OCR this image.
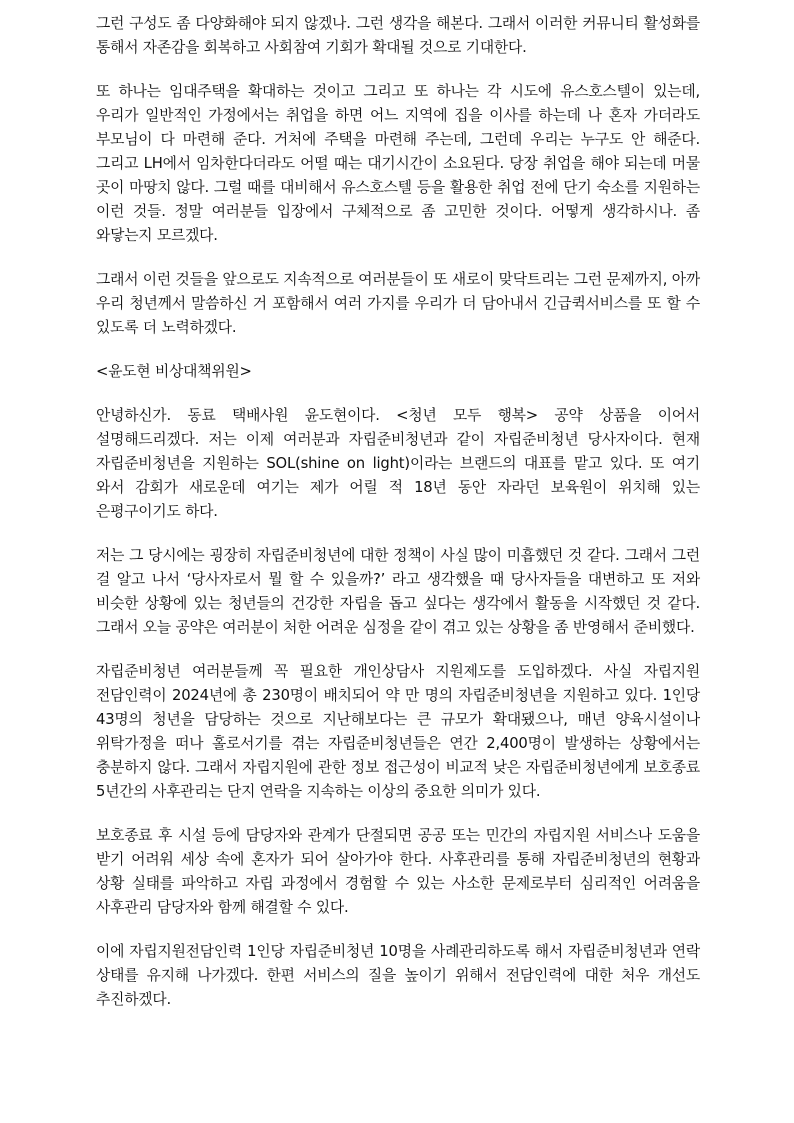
그런 구성도 좀 다양화해야 되지 않겠나. 그런 생각을 해본다. 그래서 이러한 커뮤니티 활성화를 통해서 자존감을 회복하고 사회참여 기회가 확대될 것으로 기대한다.

또 하나는 임대주택을 확대하는 것이고 그리고 또 하나는 각 시도에 유스호스텔이 있는데, 우리가 일반적인 가정에서는 취업을 하면 어느 지역에 집을 이사를 하는데 나 혼자 가더라도 부모님이 다 마련해 준다. 거처에 주택을 마련해 주는데, 그런데 우리는 누구도 안 해준다. 그리고 LH에서 임차한다더라도 어떨 때는 대기시간이 소요된다. 당장 취업을 해야 되는데 머물 곳이 마땅치 않다. 그럴 때를 대비해서 유스호스텔 등을 활용한 취업 전에 단기 숙소를 지원하는 이런 것들. 정말 여러분들 입장에서 구체적으로 좀 고민한 것이다. 어떻게 생각하시나. 좀 와닿는지 모르겠다.

그래서 이런 것들을 앞으로도 지속적으로 여러분들이 또 새로이 맞닥트리는 그런 문제까지, 아까 우리 청년께서 말씀하신 거 포함해서 여러 가지를 우리가 더 담아내서 긴급퀵서비스를 또 할 수 있도록 더 노력하겠다.

<윤도현 비상대책위원>

안녕하신가. 동료 택배사원 윤도현이다. <청년 모두 행복> 공약 상품을 이어서 설명해드리겠다. 저는 이제 여러분과 자립준비청년과 같이 자립준비청년 당사자이다. 현재 자립준비청년을 지원하는 SOL(shine on light)이라는 브랜드의 대표를 맡고 있다. 또 여기 와서 감회가 새로운데 여기는 제가 어릴 적 18년 동안 자라던 보육원이 위치해 있는 은평구이기도 하다.

저는 그 당시에는 굉장히 자립준비청년에 대한 정책이 사실 많이 미흡했던 것 같다. 그래서 그런 걸 알고 나서 ‘당사자로서 뭘 할 수 있을까?’ 라고 생각했을 때 당사자들을 대변하고 또 저와 비슷한 상황에 있는 청년들의 건강한 자립을 돕고 싶다는 생각에서 활동을 시작했던 것 같다. 그래서 오늘 공약은 여러분이 처한 어려운 심정을 같이 겪고 있는 상황을 좀 반영해서 준비했다.

자립준비청년 여러분들께 꼭 필요한 개인상담사 지원제도를 도입하겠다. 사실 자립지원 전담인력이 2024년에 총 230명이 배치되어 약 만 명의 자립준비청년을 지원하고 있다. 1인당 43명의 청년을 담당하는 것으로 지난해보다는 큰 규모가 확대됐으나, 매년 양육시설이나 위탁가정을 떠나 홀로서기를 겪는 자립준비청년들은 연간 2,400명이 발생하는 상황에서는 충분하지 않다. 그래서 자립지원에 관한 정보 접근성이 비교적 낮은 자립준비청년에게 보호종료 5년간의 사후관리는 단지 연락을 지속하는 이상의 중요한 의미가 있다.

보호종료 후 시설 등에 담당자와 관계가 단절되면 공공 또는 민간의 자립지원 서비스나 도움을 받기 어려워 세상 속에 혼자가 되어 살아가야 한다. 사후관리를 통해 자립준비청년의 현황과 상황 실태를 파악하고 자립 과정에서 경험할 수 있는 사소한 문제로부터 심리적인 어려움을 사후관리 담당자와 함께 해결할 수 있다.

이에 자립지원전담인력 1인당 자립준비청년 10명을 사례관리하도록 해서 자립준비청년과 연락 상태를 유지해 나가겠다. 한편 서비스의 질을 높이기 위해서 전담인력에 대한 처우 개선도 추진하겠다.
